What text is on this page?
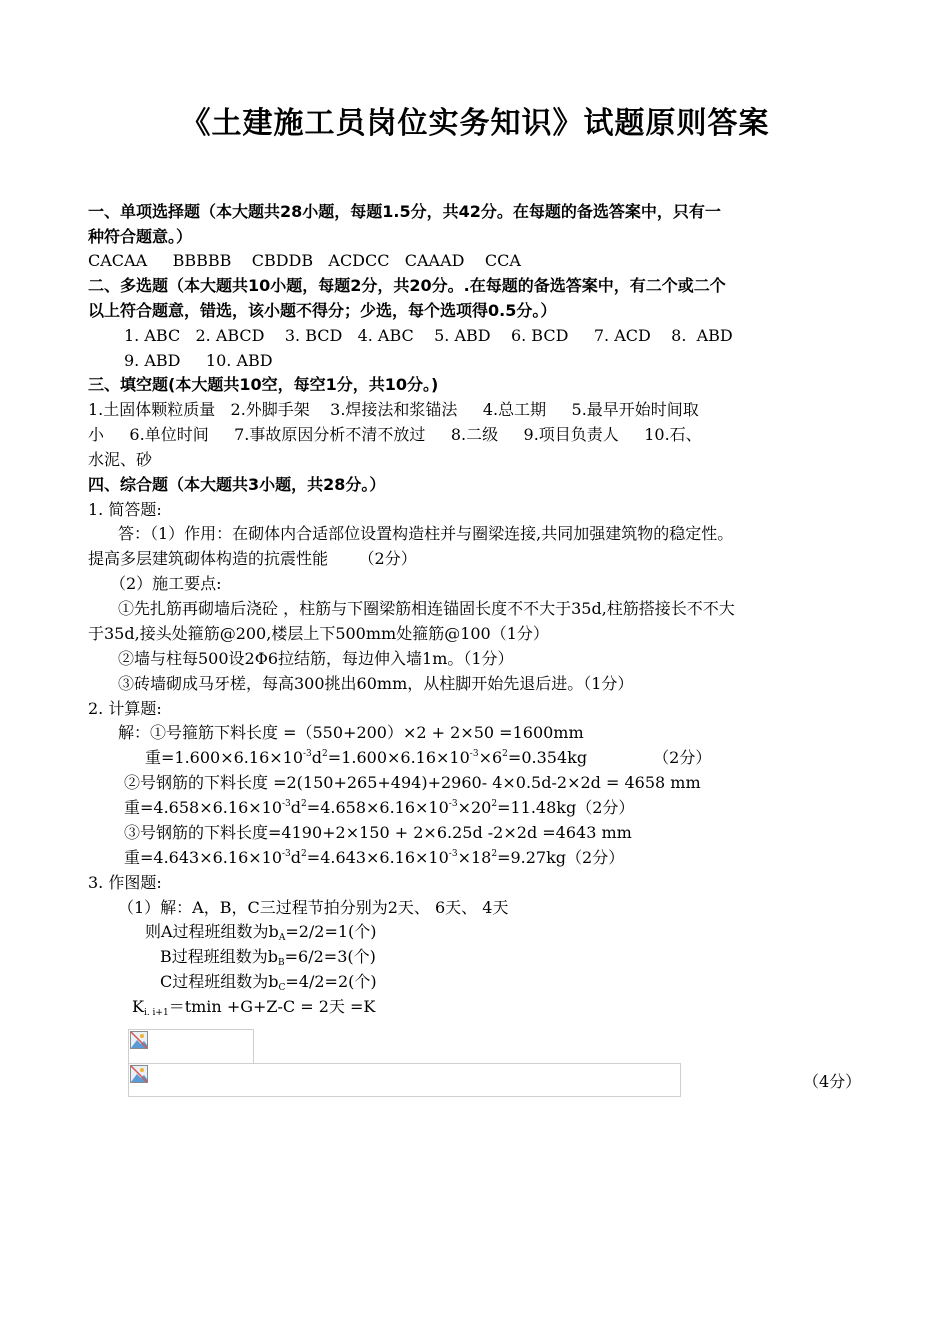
《土建施工员岗位实务知识》试题原则答案
一、单项选择题（本大题共28小题，每题1.5分，共42分。在每题的备选答案中，只有一
种符合题意。）
CACAA     BBBBB    CBDDB   ACDCC   CAAAD    CCA
二、多选题（本大题共10小题，每题2分，共20分。.在每题的备选答案中，有二个或二个
以上符合题意，错选，该小题不得分；少选，每个选项得0.5分。）
1. ABC   2. ABCD    3. BCD   4. ABC    5. ABD    6. BCD     7. ACD    8.  ABD
9. ABD     10. ABD
三、填空题(本大题共10空，每空1分，共10分。)
1.土固体颗粒质量   2.外脚手架    3.焊接法和浆锚法     4.总工期     5.最早开始时间取
小     6.单位时间     7.事故原因分析不清不放过     8.二级     9.项目负责人     10.石、
水泥、砂
四、综合题（本大题共3小题，共28分。）
1. 简答题:
答：（1）作用：在砌体内合适部位设置构造柱并与圈梁连接,共同加强建筑物的稳定性。
提高多层建筑砌体构造的抗震性能      （2分）
（2）施工要点:
①先扎筋再砌墙后浇砼 ，柱筋与下圈梁筋相连锚固长度不不大于35d,柱筋搭接长不不大
于35d,接头处箍筋@200,楼层上下500mm处箍筋@100（1分）
②墙与柱每500设2Φ6拉结筋，每边伸入墙1m。（1分）
③砖墙砌成马牙槎，每高300挑出60mm，从柱脚开始先退后进。（1分）
2. 计算题:
解：①号箍筋下料长度 =（550+200）×2 + 2×50 =1600mm
重$=1.600\times 6.16\times 10^{-3}d^2=1.600\times 6.16\times 10^{-3}\times 6^2=0.354kg$             （2分）
②号钢筋的下料长度 =2(150+265+494)+2960- 4×0.5d-2×2d = 4658 mm
重$=4.658\times 6.16\times 10^{-3}d^2=4.658\times 6.16\times 10^{-3}\times 20^2=11.48kg(2$分）
③号钢筋的下料长度=4190+2×150 + 2×6.25d -2×2d =4643 mm
重$=4.643\times 6.16\times 10^{-3}d^2=4.643\times 6.16\times 10^{-3}\times 18^2=9.27kg(2$分）
3. 作图题:
（1）解：A，B，C三过程节拍分别为2天、 6天、 4天
则A过程班组数为$b_A=2/2=1$(个)
B过程班组数为$b_B=6/2=3$(个)
C过程班组数为$b_C=4/2=2$(个)
$K_{i. i+1}=tmin +G+Z-C = 2$天 =K
（4分）
